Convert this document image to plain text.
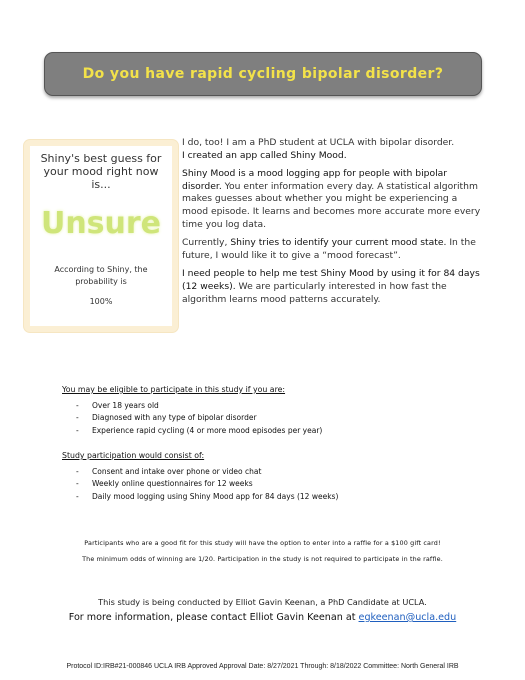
Do you have rapid cycling bipolar disorder?
Shiny's best guess for your mood right now is...
Unsure
According to Shiny, the probability is
100%

I do, too! I am a PhD student at UCLA with bipolar disorder.
I created an app called Shiny Mood.

Shiny Mood is a mood logging app for people with bipolar disorder. You enter information every day. A statistical algorithm makes guesses about whether you might be experiencing a mood episode. It learns and becomes more accurate more every time you log data.

Currently, Shiny tries to identify your current mood state. In the future, I would like it to give a “mood forecast”.

I need people to help me test Shiny Mood by using it for 84 days (12 weeks). We are particularly interested in how fast the algorithm learns mood patterns accurately.

You may be eligible to participate in this study if you are:
- Over 18 years old
- Diagnosed with any type of bipolar disorder
- Experience rapid cycling (4 or more mood episodes per year)
Study participation would consist of:
- Consent and intake over phone or video chat
- Weekly online questionnaires for 12 weeks
- Daily mood logging using Shiny Mood app for 84 days (12 weeks)
Participants who are a good fit for this study will have the option to enter into a raffle for a $100 gift card!
The minimum odds of winning are 1/20. Participation in the study is not required to participate in the raffle.
This study is being conducted by Elliot Gavin Keenan, a PhD Candidate at UCLA.
For more information, please contact Elliot Gavin Keenan at egkeenan@ucla.edu
Protocol ID:IRB#21-000846 UCLA IRB Approved Approval Date: 8/27/2021 Through: 8/18/2022 Committee: North General IRB
